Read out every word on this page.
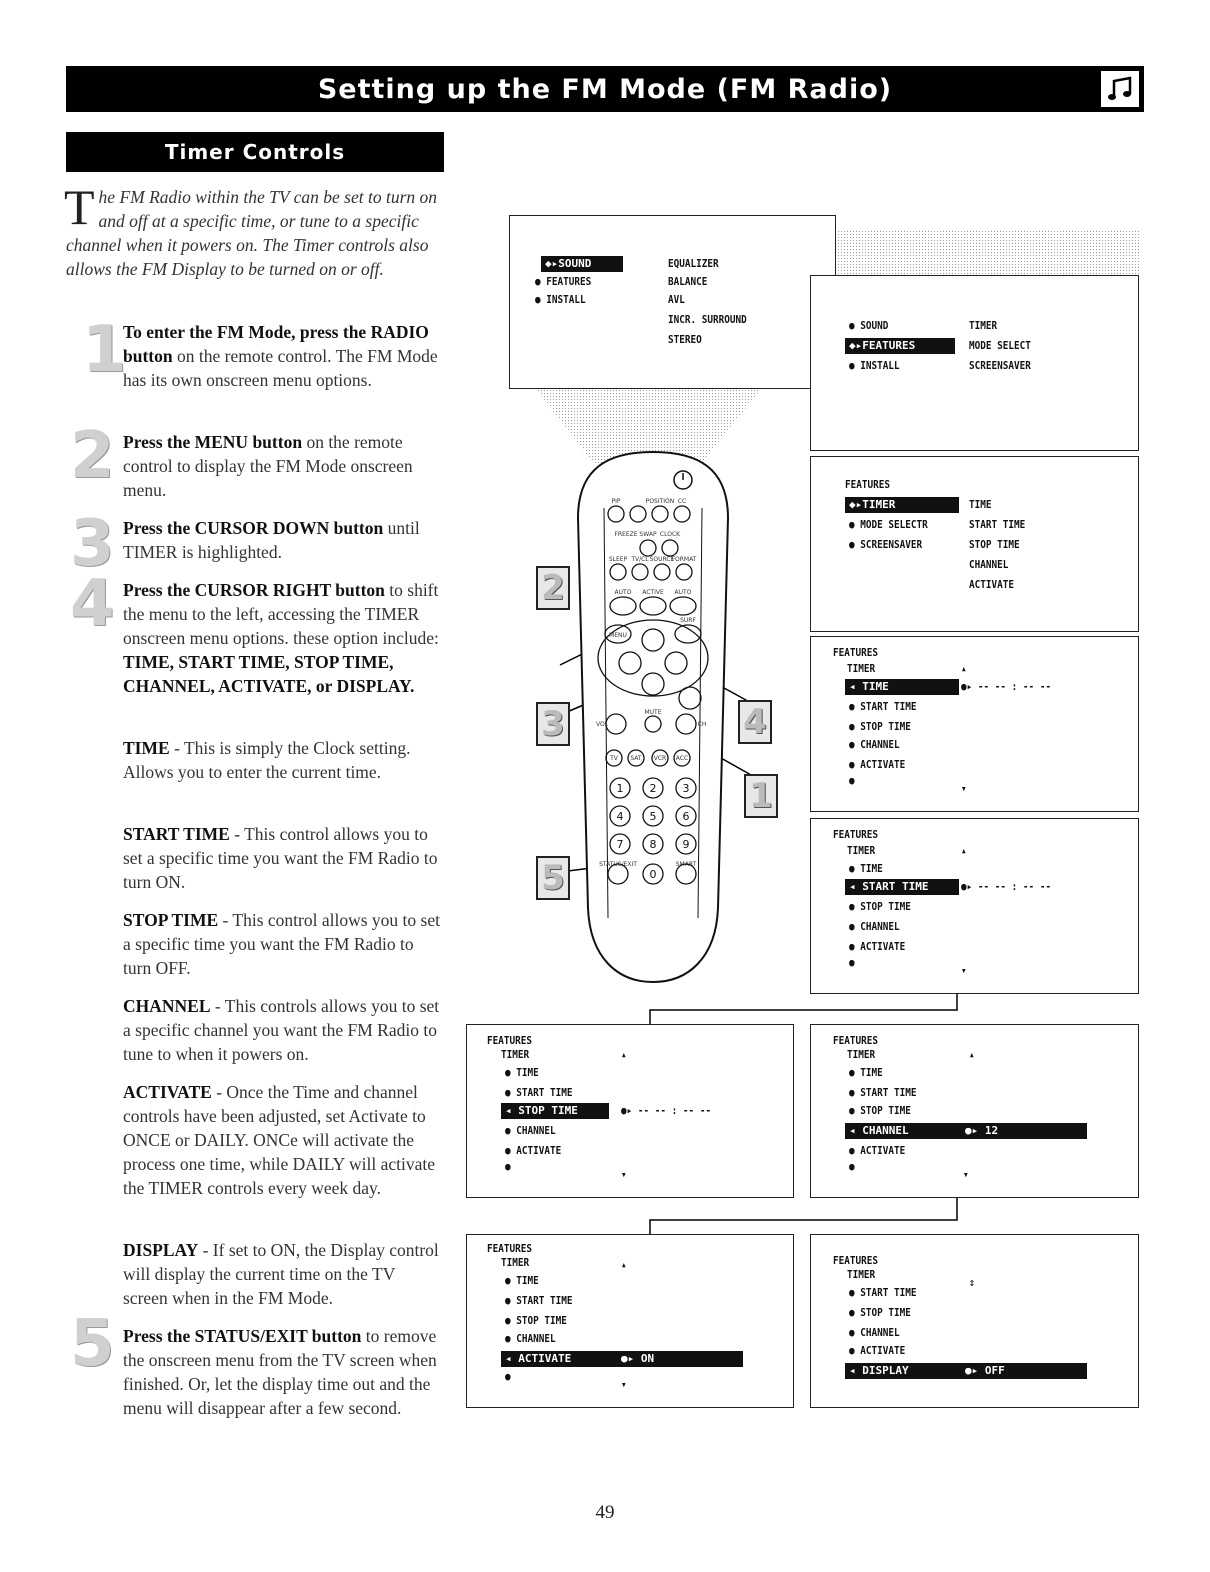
Setting up the FM Mode (FM Radio)
Timer Controls
The FM Radio within the TV can be set to turn on and off at a specific time, or tune to a specific channel when it powers on. The Timer controls also allows the FM Display to be turned on or off.
1
To enter the FM Mode, press the RADIO button on the remote control. The FM Mode has its own onscreen menu options.
2 Press the MENU button on the remote control to display the FM Mode onscreen menu.
3 Press the CURSOR DOWN button until TIMER is highlighted.
4 Press the CURSOR RIGHT button to shift the menu to the left, accessing the TIMER onscreen menu options. these option include: TIME, START TIME, STOP TIME, CHANNEL, ACTIVATE, or DISPLAY.
TIME - This is simply the Clock setting. Allows you to enter the current time.
START TIME - This control allows you to set a specific time you want the FM Radio to turn ON.
STOP TIME - This control allows you to set a specific time you want the FM Radio to turn OFF.
CHANNEL - This controls allows you to set a specific channel you want the FM Radio to tune to when it powers on.
ACTIVATE - Once the Time and channel controls have been adjusted, set Activate to ONCE or DAILY. ONCe will activate the process one time, while DAILY will activate the TIMER controls every week day.
DISPLAY - If set to ON, the Display control will display the current time on the TV screen when in the FM Mode.
5 Press the STATUS/EXIT button to remove the onscreen menu from the TV screen when finished. Or, let the display time out and the menu will disappear after a few second.
◆▸SOUND
● FEATURES
● INSTALL
EQUALIZER
BALANCE
AVL
INCR. SURROUND
STEREO
● SOUND
◆▸FEATURES
● INSTALL
TIMER
MODE SELECT
SCREENSAVER
FEATURES
◆▸TIMER
● MODE SELECTR
● SCREENSAVER
TIME
START TIME
STOP TIME
CHANNEL
ACTIVATE
FEATURES
TIMER	▴
◂ TIME	●▸ -- -- : -- --
● START TIME
● STOP TIME
● CHANNEL
● ACTIVATE
●
▾
FEATURES
TIMER	▴
● TIME
◂ START TIME	●▸ -- -- : -- --
● STOP TIME
● CHANNEL
● ACTIVATE
●
▾
FEATURES
TIMER	▴
● TIME
● START TIME
◂ STOP TIME	●▸ -- -- : -- --
● CHANNEL
● ACTIVATE
●
▾
FEATURES
TIMER	▴
● TIME
● START TIME
● STOP TIME
◂ CHANNEL	●▸ 12
● ACTIVATE
●
▾
FEATURES
TIMER	▴
● TIME
● START TIME
● STOP TIME
● CHANNEL
◂ ACTIVATE	●▸ ON
●
▾
FEATURES
TIMER
⇕
● START TIME
● STOP TIME
● CHANNEL
● ACTIVATE
◂ DISPLAY	●▸ OFF
PIP	POSITION CC
FREEZE SWAP CLOCK
SLEEP TV/CL SOURCE
FORMAT
AUTO ACTIVE AUTO
SURF
MENU
MUTE
VOL	CH
STATUS/EXIT	SMART
TV SAT VCR ACC
1 2 3
4 5 6
7 8 9
0
2
3	4
1
5
49
